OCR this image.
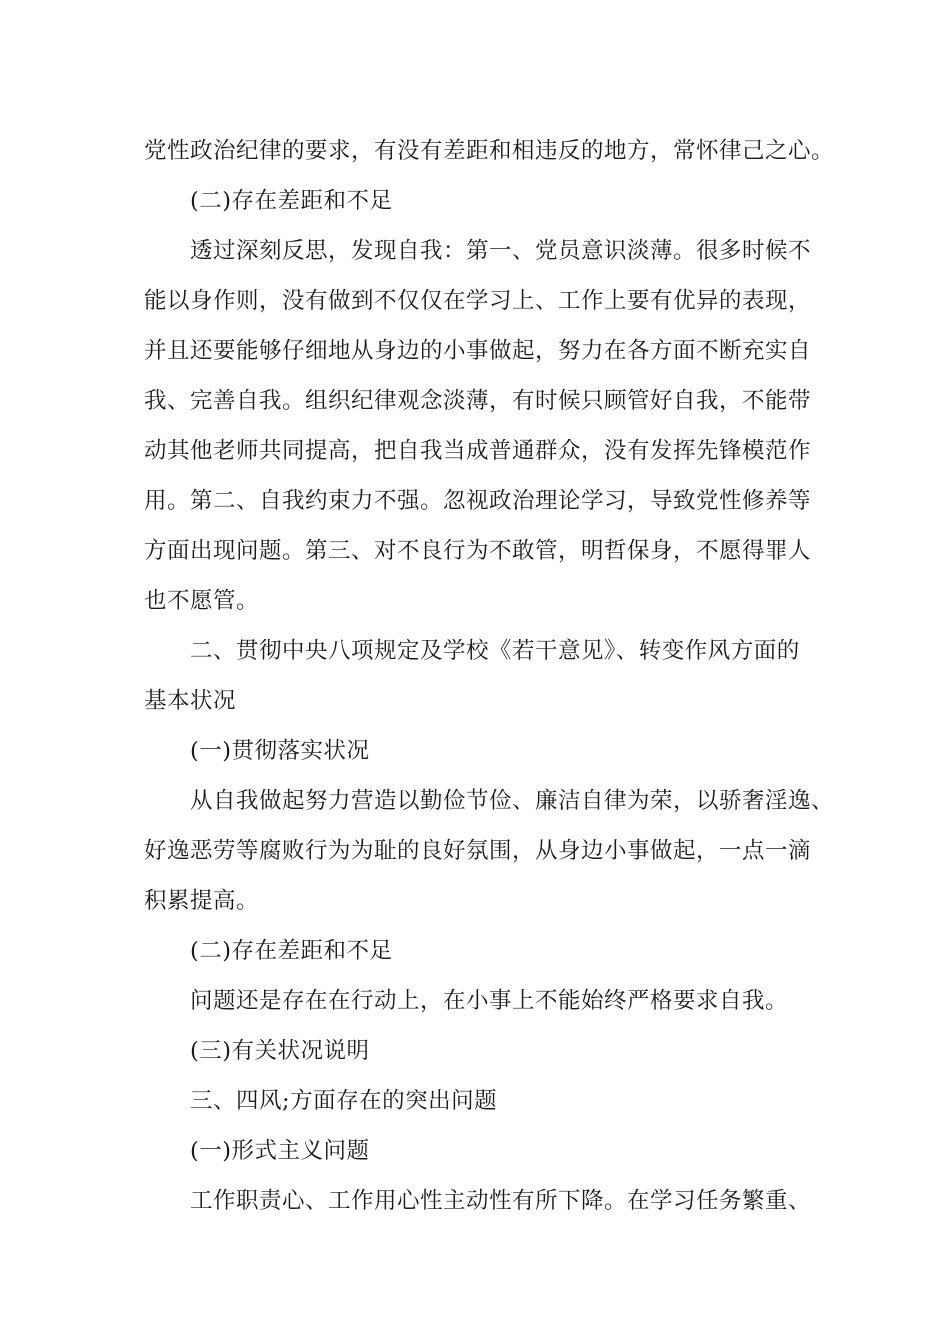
党性政治纪律的要求，有没有差距和相违反的地方，常怀律己之心。
(二)存在差距和不足
透过深刻反思，发现自我：第一、党员意识淡薄。很多时候不
能以身作则，没有做到不仅仅在学习上、工作上要有优异的表现，
并且还要能够仔细地从身边的小事做起，努力在各方面不断充实自
我、完善自我。组织纪律观念淡薄，有时候只顾管好自我，不能带
动其他老师共同提高，把自我当成普通群众，没有发挥先锋模范作
用。第二、自我约束力不强。忽视政治理论学习，导致党性修养等
方面出现问题。第三、对不良行为不敢管，明哲保身，不愿得罪人
也不愿管。
二、贯彻中央八项规定及学校《若干意见》、转变作风方面的
基本状况
(一)贯彻落实状况
从自我做起努力营造以勤俭节俭、廉洁自律为荣，以骄奢淫逸、
好逸恶劳等腐败行为为耻的良好氛围，从身边小事做起，一点一滴
积累提高。
(二)存在差距和不足
问题还是存在在行动上，在小事上不能始终严格要求自我。
(三)有关状况说明
三、四风;方面存在的突出问题
(一)形式主义问题
工作职责心、工作用心性主动性有所下降。在学习任务繁重、
